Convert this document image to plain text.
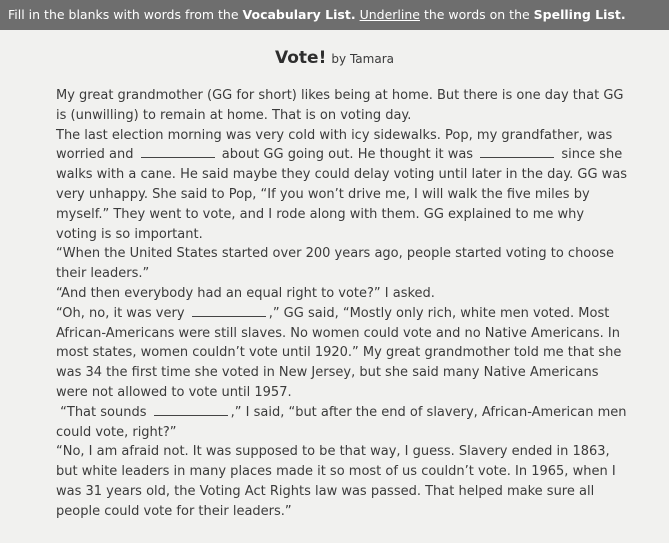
Fill in the blanks with words from the Vocabulary List. Underline the words on the Spelling List.
Vote! by Tamara

My great grandmother (GG for short) likes being at home. But there is one day that GG is (unwilling) to remain at home. That is on voting day.

The last election morning was very cold with icy sidewalks. Pop, my grandfather, was worried and	about GG going out. He thought it was	since she walks with a cane. He said maybe they could delay voting until later in the day. GG was very unhappy. She said to Pop, “If you won’t drive me, I will walk the five miles by myself.” They went to vote, and I rode along with them. GG explained to me why voting is so important.

“When the United States started over 200 years ago, people started voting to choose their leaders.”

“And then everybody had an equal right to vote?” I asked.

“Oh, no, it was very	,” GG said, “Mostly only rich, white men voted. Most African-Americans were still slaves. No women could vote and no Native Americans. In most states, women couldn’t vote until 1920.” My great grandmother told me that she was 34 the first time she voted in New Jersey, but she said many Native Americans were not allowed to vote until 1957.

“That sounds	,” I said, “but after the end of slavery, African-American men could vote, right?”

“No, I am afraid not. It was supposed to be that way, I guess. Slavery ended in 1863, but white leaders in many places made it so most of us couldn’t vote. In 1965, when I was 31 years old, the Voting Act Rights law was passed. That helped make sure all people could vote for their leaders.”
